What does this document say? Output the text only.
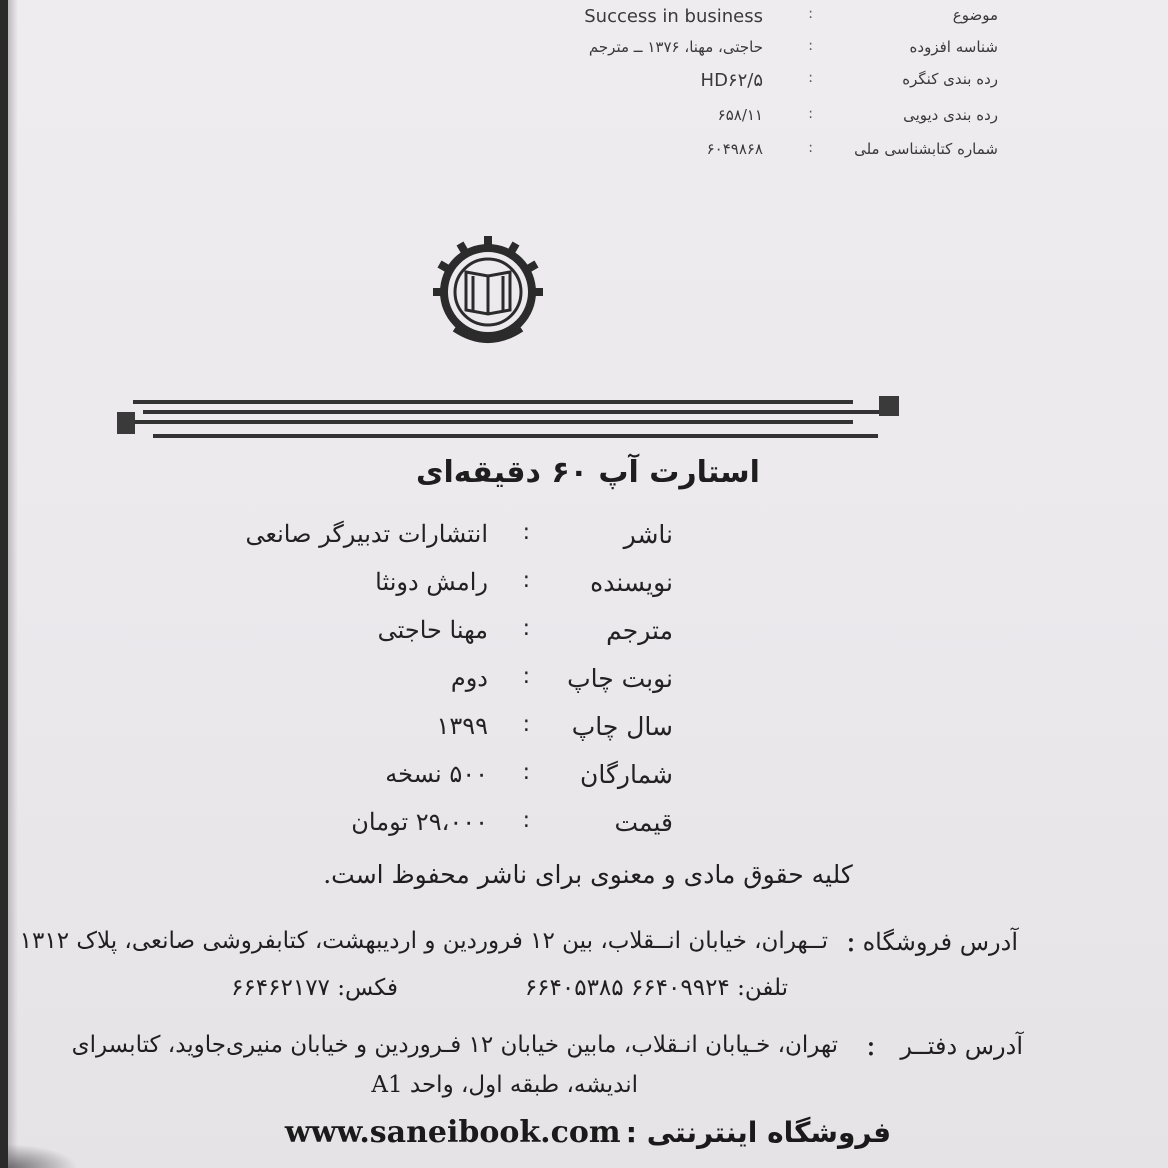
موضوع
:
Success in business
شناسه افزوده
:
حاجتی، مهنا، ۱۳۷۶ ــ مترجم
رده بندی کنگره
:
HD۶۲/۵
رده بندی دیویی
:
۶۵۸/۱۱
شماره کتابشناسی ملی
:
۶۰۴۹۸۶۸
استارت آپ ۶۰ دقیقه‌ای
ناشر
:
انتشارات تدبیرگر صانعی
نویسنده
:
رامش دونثا
مترجم
:
مهنا حاجتی
نوبت چاپ
:
دوم
سال چاپ
:
۱۳۹۹
شمارگان
:
۵۰۰ نسخه
قیمت
:
۲۹،۰۰۰ تومان
کلیه حقوق مادی و معنوی برای ناشر محفوظ است.
آدرس فروشگاه
:
تــهران، خیابان انــقلاب، بین ۱۲ فروردین و اردیبهشت، کتابفروشی صانعی، پلاک ۱۳۱۲
تلفن: ۶۶۴۰۹۹۲۴ ۶۶۴۰۵۳۸۵
فکس: ۶۶۴۶۲۱۷۷
آدرس دفتــر
:
تهران، خـیابان انـقلاب، مابین خیابان ۱۲ فـروردین و خیابان منیری‌جاوید، کتابسرای
اندیشه، طبقه اول، واحد A1
فروشگاه اینترنتی : www.saneibook.com
